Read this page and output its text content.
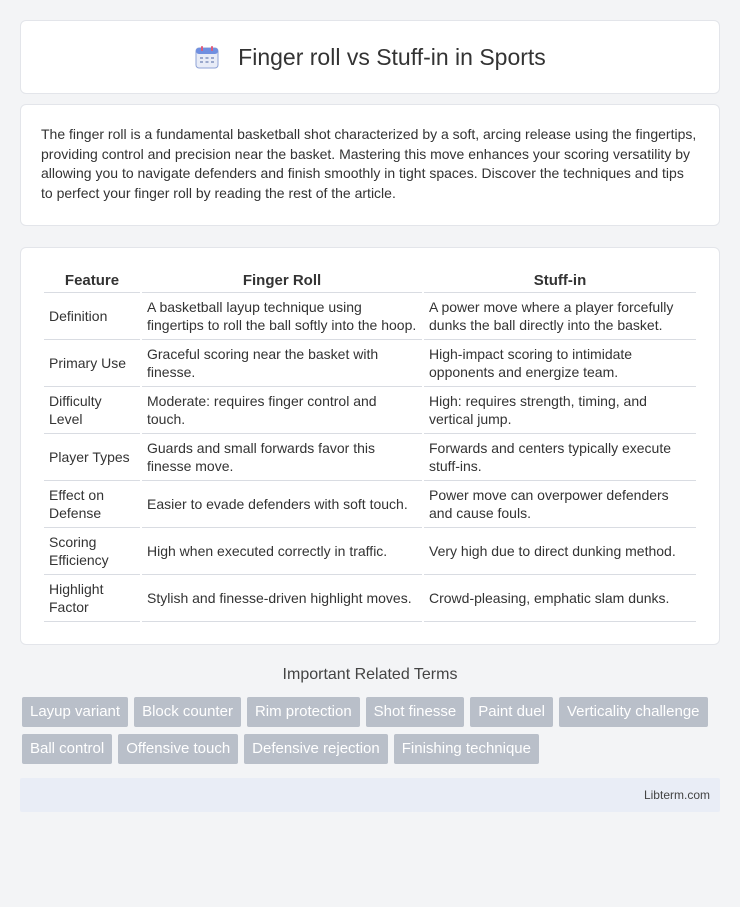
Finger roll vs Stuff-in in Sports

The finger roll is a fundamental basketball shot characterized by a soft, arcing release using the fingertips, providing control and precision near the basket. Mastering this move enhances your scoring versatility by allowing you to navigate defenders and finish smoothly in tight spaces. Discover the techniques and tips to perfect your finger roll by reading the rest of the article.

Feature	Finger Roll	Stuff-in
Definition	A basketball layup technique using fingertips to roll the ball softly into the hoop.	A power move where a player forcefully dunks the ball directly into the basket.
Primary Use	Graceful scoring near the basket with finesse.	High-impact scoring to intimidate opponents and energize team.
Difficulty Level	Moderate: requires finger control and touch.	High: requires strength, timing, and vertical jump.
Player Types	Guards and small forwards favor this finesse move.	Forwards and centers typically execute stuff-ins.
Effect on Defense	Easier to evade defenders with soft touch.	Power move can overpower defenders and cause fouls.
Scoring Efficiency	High when executed correctly in traffic.	Very high due to direct dunking method.
Highlight Factor	Stylish and finesse-driven highlight moves.	Crowd-pleasing, emphatic slam dunks.
Important Related Terms
Layup variant	Block counter	Rim protection	Shot finesse	Paint duel	Verticality challenge
Ball control	Offensive touch	Defensive rejection	Finishing technique
Libterm.com
